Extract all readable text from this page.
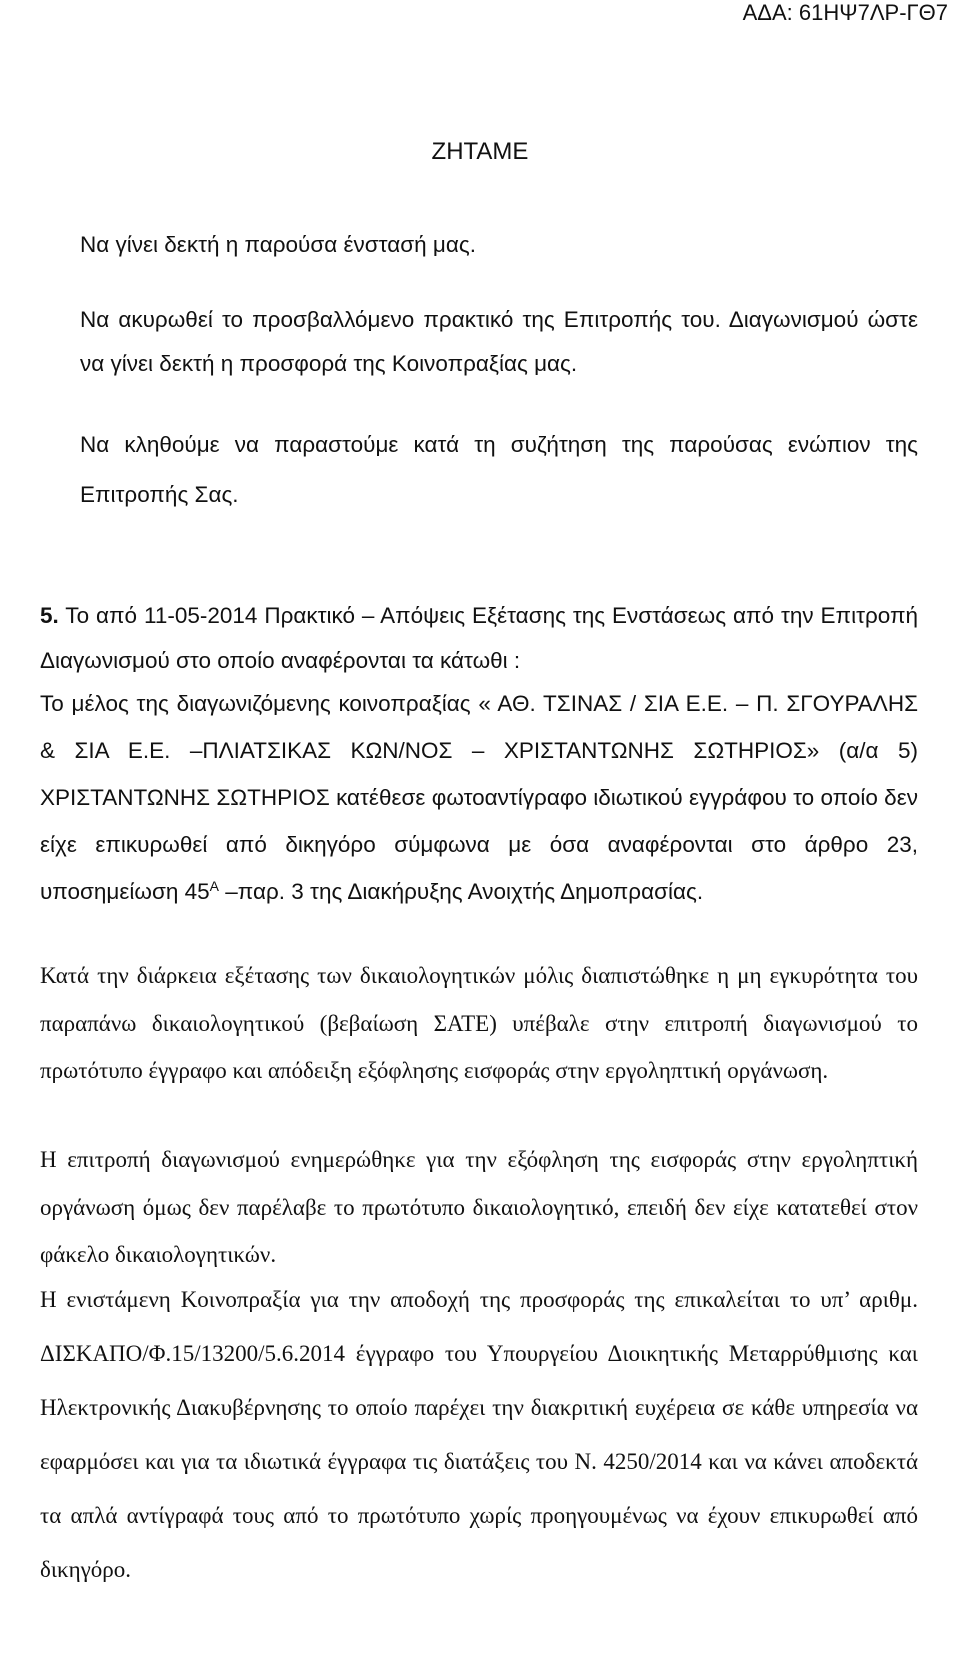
ΑΔΑ: 61ΗΨ7ΛΡ-ΓΘ7
ΖΗΤΑΜΕ
Να γίνει δεκτή η παρούσα ένστασή μας.
Να ακυρωθεί το προσβαλλόμενο πρακτικό της Επιτροπής του. Διαγωνισμού ώστε να γίνει δεκτή η προσφορά της Κοινοπραξίας μας.
Να κληθούμε να παραστούμε κατά τη συζήτηση της παρούσας ενώπιον της Επιτροπής Σας.
5. Το από 11-05-2014 Πρακτικό – Απόψεις Εξέτασης της Ενστάσεως από την Επιτροπή Διαγωνισμού στο οποίο αναφέρονται τα κάτωθι :
Το μέλος της διαγωνιζόμενης κοινοπραξίας « ΑΘ. ΤΣΙΝΑΣ / ΣΙΑ Ε.Ε. – Π. ΣΓΟΥΡΑΛΗΣ & ΣΙΑ Ε.Ε. –ΠΛΙΑΤΣΙΚΑΣ ΚΩΝ/ΝΟΣ – ΧΡΙΣΤΑΝΤΩΝΗΣ ΣΩΤΗΡΙΟΣ» (α/α 5) ΧΡΙΣΤΑΝΤΩΝΗΣ ΣΩΤΗΡΙΟΣ κατέθεσε φωτοαντίγραφο ιδιωτικού εγγράφου το οποίο δεν είχε επικυρωθεί από δικηγόρο σύμφωνα με όσα αναφέρονται στο άρθρο 23, υποσημείωση $45^A$ –παρ. 3 της Διακήρυξης Ανοιχτής Δημοπρασίας.
Κατά την διάρκεια εξέτασης των δικαιολογητικών μόλις διαπιστώθηκε η μη εγκυρότητα του παραπάνω δικαιολογητικού (βεβαίωση ΣΑΤΕ) υπέβαλε στην επιτροπή διαγωνισμού το πρωτότυπο έγγραφο και απόδειξη εξόφλησης εισφοράς στην εργοληπτική οργάνωση.
Η επιτροπή διαγωνισμού ενημερώθηκε για την εξόφληση της εισφοράς στην εργοληπτική οργάνωση όμως δεν παρέλαβε το πρωτότυπο δικαιολογητικό, επειδή δεν είχε κατατεθεί στον φάκελο δικαιολογητικών.
Η ενιστάμενη Κοινοπραξία για την αποδοχή της προσφοράς της επικαλείται το υπ’ αριθμ. ΔΙΣΚΑΠΟ/Φ.15/13200/5.6.2014 έγγραφο του Υπουργείου Διοικητικής Μεταρρύθμισης και Ηλεκτρονικής Διακυβέρνησης το οποίο παρέχει την διακριτική ευχέρεια σε κάθε υπηρεσία να εφαρμόσει και για τα ιδιωτικά έγγραφα τις διατάξεις του Ν. 4250/2014 και να κάνει αποδεκτά τα απλά αντίγραφά τους από το πρωτότυπο χωρίς προηγουμένως να έχουν επικυρωθεί από δικηγόρο.
